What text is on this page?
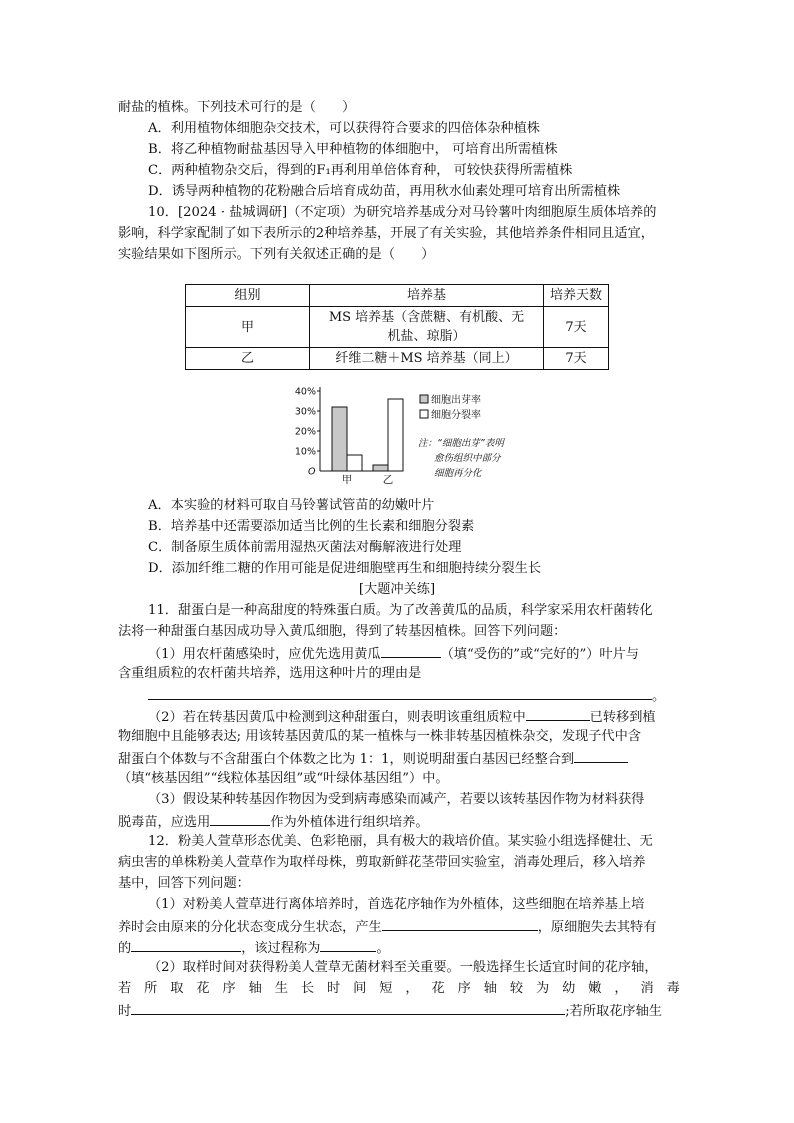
耐盐的植株。下列技术可行的是（　　）
A．利用植物体细胞杂交技术，可以获得符合要求的四倍体杂种植株
B．将乙种植物耐盐基因导入甲种植物的体细胞中， 可培育出所需植株
C．两种植物杂交后，得到的F₁再利用单倍体育种， 可较快获得所需植株
D．诱导两种植物的花粉融合后培育成幼苗，再用秋水仙素处理可培育出所需植株
10．[2024 · 盐城调研]（不定项）为研究培养基成分对马铃薯叶肉细胞原生质体培养的
影响，科学家配制了如下表所示的2种培养基，开展了有关实验，其他培养条件相同且适宜，
实验结果如下图所示。下列有关叙述正确的是（　　）
组别	培养基	培养天数
甲	MS 培养基（含蔗糖、有机酸、无
机盐、琼脂）	7天
乙	纤维二糖＋MS 培养基（同上）	7天
O
10%
20%
30%
40%
甲	乙
细胞出芽率
细胞分裂率
注：“细胞出芽”表明
愈伤组织中部分
细胞再分化
A．本实验的材料可取自马铃薯试管苗的幼嫩叶片
B．培养基中还需要添加适当比例的生长素和细胞分裂素
C．制备原生质体前需用湿热灭菌法对酶解液进行处理
D．添加纤维二糖的作用可能是促进细胞壁再生和细胞持续分裂生长
[大题冲关练]
11．甜蛋白是一种高甜度的特殊蛋白质。为了改善黄瓜的品质，科学家采用农杆菌转化
法将一种甜蛋白基因成功导入黄瓜细胞，得到了转基因植株。回答下列问题：
（1）用农杆菌感染时，应优先选用黄瓜	（填“受伤的”或“完好的”）叶片与
含重组质粒的农杆菌共培养，选用这种叶片的理由是
。
（2）若在转基因黄瓜中检测到这种甜蛋白，则表明该重组质粒中	已转移到植
物细胞中且能够表达; 用该转基因黄瓜的某一植株与一株非转基因植株杂交，发现子代中含
甜蛋白个体数与不含甜蛋白个体数之比为 1：1，则说明甜蛋白基因已经整合到
（填“核基因组”“线粒体基因组”或“叶绿体基因组”）中。
（3）假设某种转基因作物因为受到病毒感染而减产，若要以该转基因作物为材料获得
脱毒苗，应选用	作为外植体进行组织培养。
12．粉美人萱草形态优美、色彩艳丽，具有极大的栽培价值。某实验小组选择健壮、无
病虫害的单株粉美人萱草作为取样母株，剪取新鲜花茎带回实验室，消毒处理后，移入培养
基中，回答下列问题：
（1）对粉美人萱草进行离体培养时，首选花序轴作为外植体，这些细胞在培养基上培
养时会由原来的分化状态变成分生状态，产生	，原细胞失去其特有
的	，该过程称为	。
（2）取样时间对获得粉美人萱草无菌材料至关重要。一般选择生长适宜时间的花序轴，
若 所 取 花 序 轴 生 长 时 间 短 ， 花 序 轴 较 为 幼 嫩 ， 消 毒
时	;若所取花序轴生
